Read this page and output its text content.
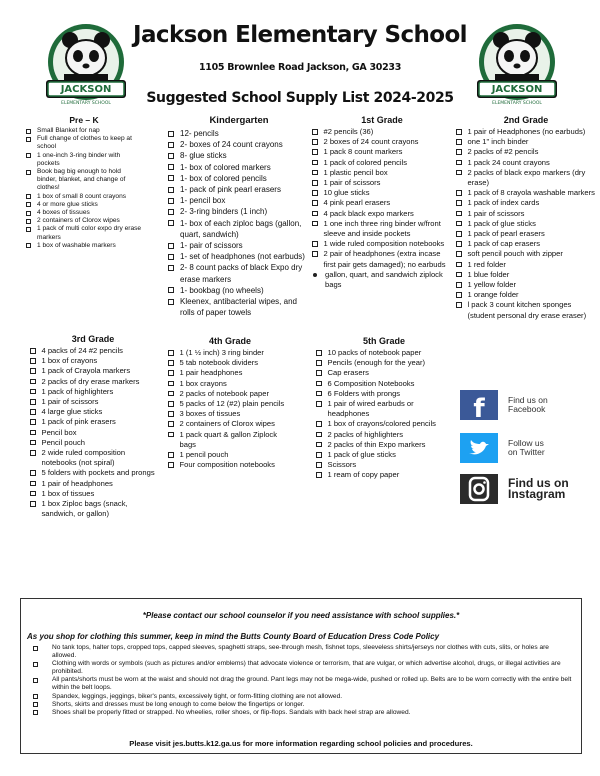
JACKSON
ELEMENTARY SCHOOL
JACKSON
ELEMENTARY SCHOOL
Jackson Elementary School
1105 Brownlee Road Jackson, GA 30233
Suggested School Supply List 2024-2025
Pre – K
Small Blanket for nap
Full change of clothes to keep at school
1 one-inch 3-ring binder with pockets
Book bag big enough to hold binder, blanket, and change of clothes!
1 box of small 8 count crayons
4 or more glue sticks
4 boxes of tissues
2 containers of Clorox wipes
1 pack of multi color expo dry erase markers
1 box of washable markers
Kindergarten
12- pencils
2- boxes of 24 count crayons
8- glue sticks
1- box of colored markers
1- box of colored pencils
1- pack of pink pearl erasers
1- pencil box
2- 3-ring binders (1 inch)
1- box of each ziploc bags (gallon, quart, sandwich)
1- pair of scissors
1- set of headphones (not earbuds)
2- 8 count packs of black Expo dry erase markers
1- bookbag (no wheels)
Kleenex, antibacterial wipes, and rolls of paper towels
1st Grade
#2 pencils (36)
2 boxes of 24 count crayons
1 pack 8 count markers
1 pack of colored pencils
1 plastic pencil box
1 pair of scissors
10 glue sticks
4 pink pearl erasers
4 pack black expo markers
1 one inch three ring binder w/front sleeve and inside pockets
1 wide ruled composition notebooks
2 pair of headphones (extra incase first pair gets damaged); no earbuds
gallon, quart, and sandwich ziplock bags
2nd Grade
1 pair of Headphones (no earbuds)
one 1" inch binder
2 packs of #2 pencils
1 pack 24 count crayons
2 packs of black expo markers (dry erase)
1 pack of 8 crayola washable markers
1 pack of index cards
1 pair of scissors
1 pack of glue sticks
1 pack of pearl erasers
1 pack of cap erasers
soft pencil pouch with zipper
1 red folder
1 blue folder
1 yellow folder
1 orange folder
l pack 3 count kitchen sponges (student personal dry erase eraser)
3rd Grade
4 packs of 24 #2 pencils
1 box of crayons
1 pack of Crayola markers
2 packs of dry erase markers
1 pack of highlighters
1 pair of scissors
4 large glue sticks
1 pack of pink erasers
Pencil box
Pencil pouch
2 wide ruled composition notebooks (not spiral)
5 folders with pockets and prongs
1 pair of headphones
1 box of tissues
1 box Ziploc bags (snack, sandwich, or gallon)
4th Grade
1 (1 ½ inch) 3 ring binder
5 tab notebook dividers
1 pair headphones
1 box crayons
2 packs of notebook paper
5 packs of 12 (#2) plain pencils
3 boxes of tissues
2 containers of Clorox wipes
1 pack quart & gallon Ziplock bags
1 pencil pouch
Four composition notebooks
5th Grade
10 packs of notebook paper
Pencils (enough for the year)
Cap erasers
6 Composition Notebooks
6 Folders with prongs
1 pair of wired earbuds or headphones
1 box of crayons/colored pencils
2 packs of highlighters
2 packs of thin Expo markers
1 pack of glue sticks
Scissors
1 ream of copy paper
f	Find us on Facebook
Follow us on Twitter
Find us on Instagram
*Please contact our school counselor if you need assistance with school supplies.*
As you shop for clothing this summer, keep in mind the Butts County Board of Education Dress Code Policy
No tank tops, halter tops, cropped tops, capped sleeves, spaghetti straps, see-through mesh, fishnet tops, sleeveless shirts/jerseys nor clothes with cuts, slits, or holes are allowed.
Clothing with words or symbols (such as pictures and/or emblems) that advocate violence or terrorism, that are vulgar, or which advertise alcohol, drugs, or illegal activities are prohibited.
All pants/shorts must be worn at the waist and should not drag the ground. Pant legs may not be mega-wide, pushed or rolled up. Belts are to be worn correctly with the entire belt within the belt loops.
Spandex, leggings, jeggings, biker's pants, excessively tight, or form-fitting clothing are not allowed.
Shorts, skirts and dresses must be long enough to come below the fingertips or longer.
Shoes shall be properly fitted or strapped. No wheelies, roller shoes, or flip-flops. Sandals with back heel strap are allowed.
Please visit jes.butts.k12.ga.us for more information regarding school policies and procedures.
